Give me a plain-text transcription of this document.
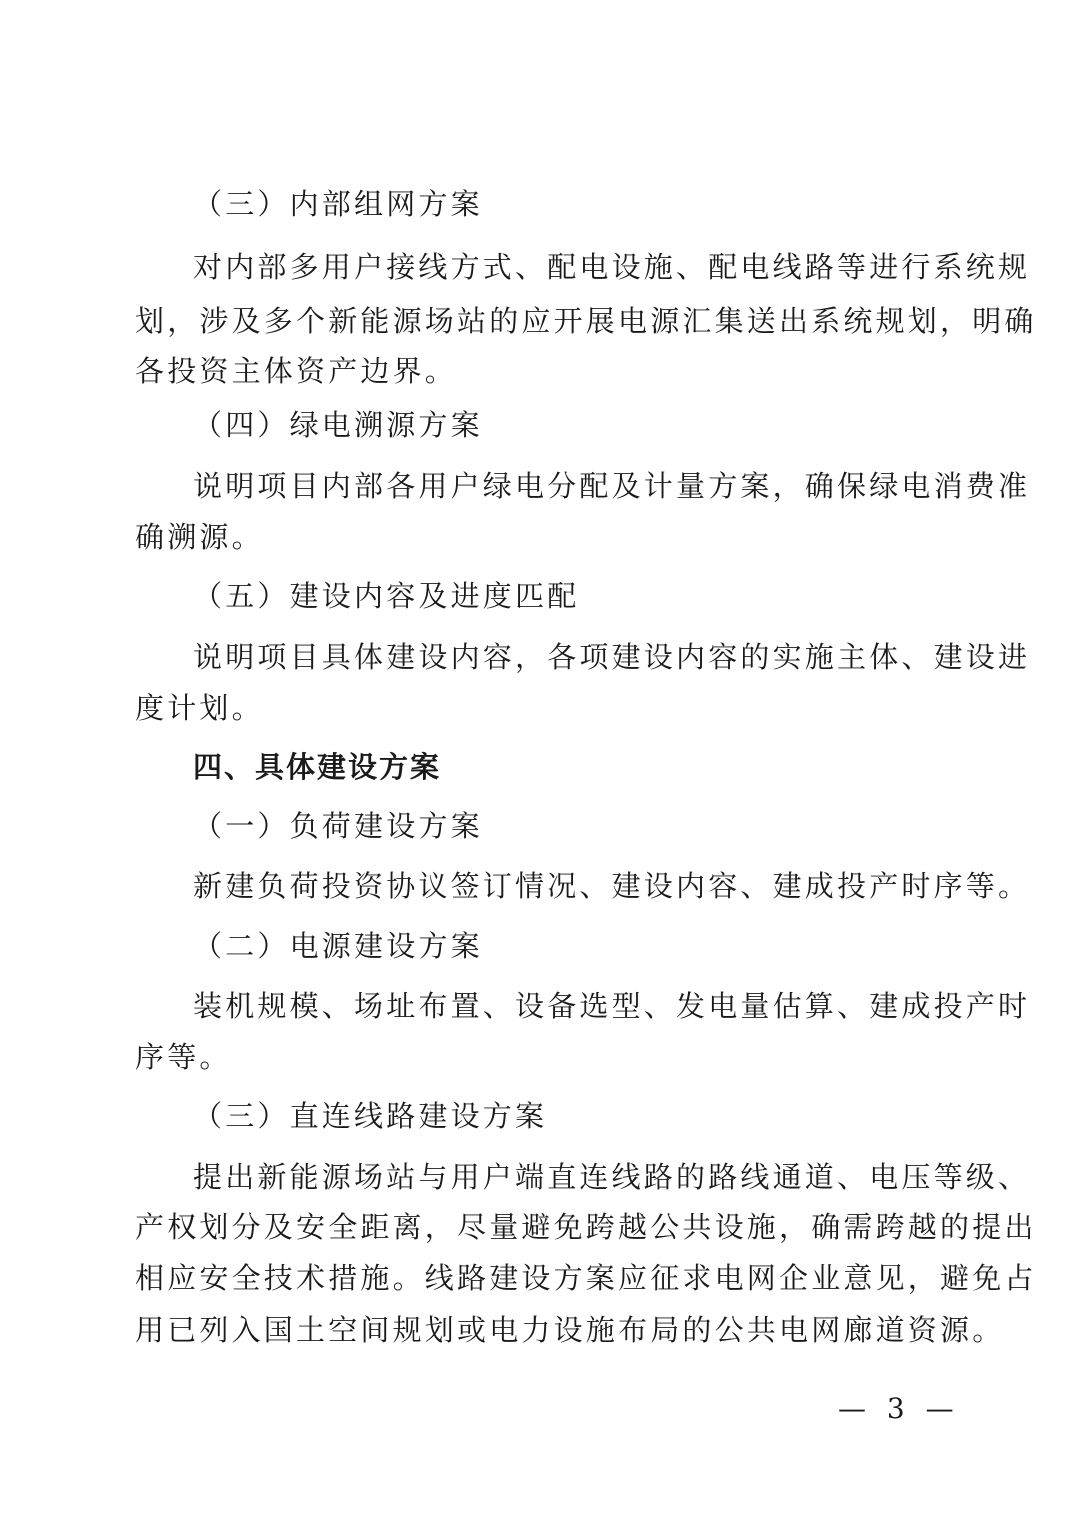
（三）内部组网方案
对内部多用户接线方式、配电设施、配电线路等进行系统规
划，涉及多个新能源场站的应开展电源汇集送出系统规划，明确
各投资主体资产边界。
（四）绿电溯源方案
说明项目内部各用户绿电分配及计量方案，确保绿电消费准
确溯源。
（五）建设内容及进度匹配
说明项目具体建设内容，各项建设内容的实施主体、建设进
度计划。
四、具体建设方案
（一）负荷建设方案
新建负荷投资协议签订情况、建设内容、建成投产时序等。
（二）电源建设方案
装机规模、场址布置、设备选型、发电量估算、建成投产时
序等。
（三）直连线路建设方案
提出新能源场站与用户端直连线路的路线通道、电压等级、
产权划分及安全距离，尽量避免跨越公共设施，确需跨越的提出
相应安全技术措施。线路建设方案应征求电网企业意见，避免占
用已列入国土空间规划或电力设施布局的公共电网廊道资源。
— 3 —
